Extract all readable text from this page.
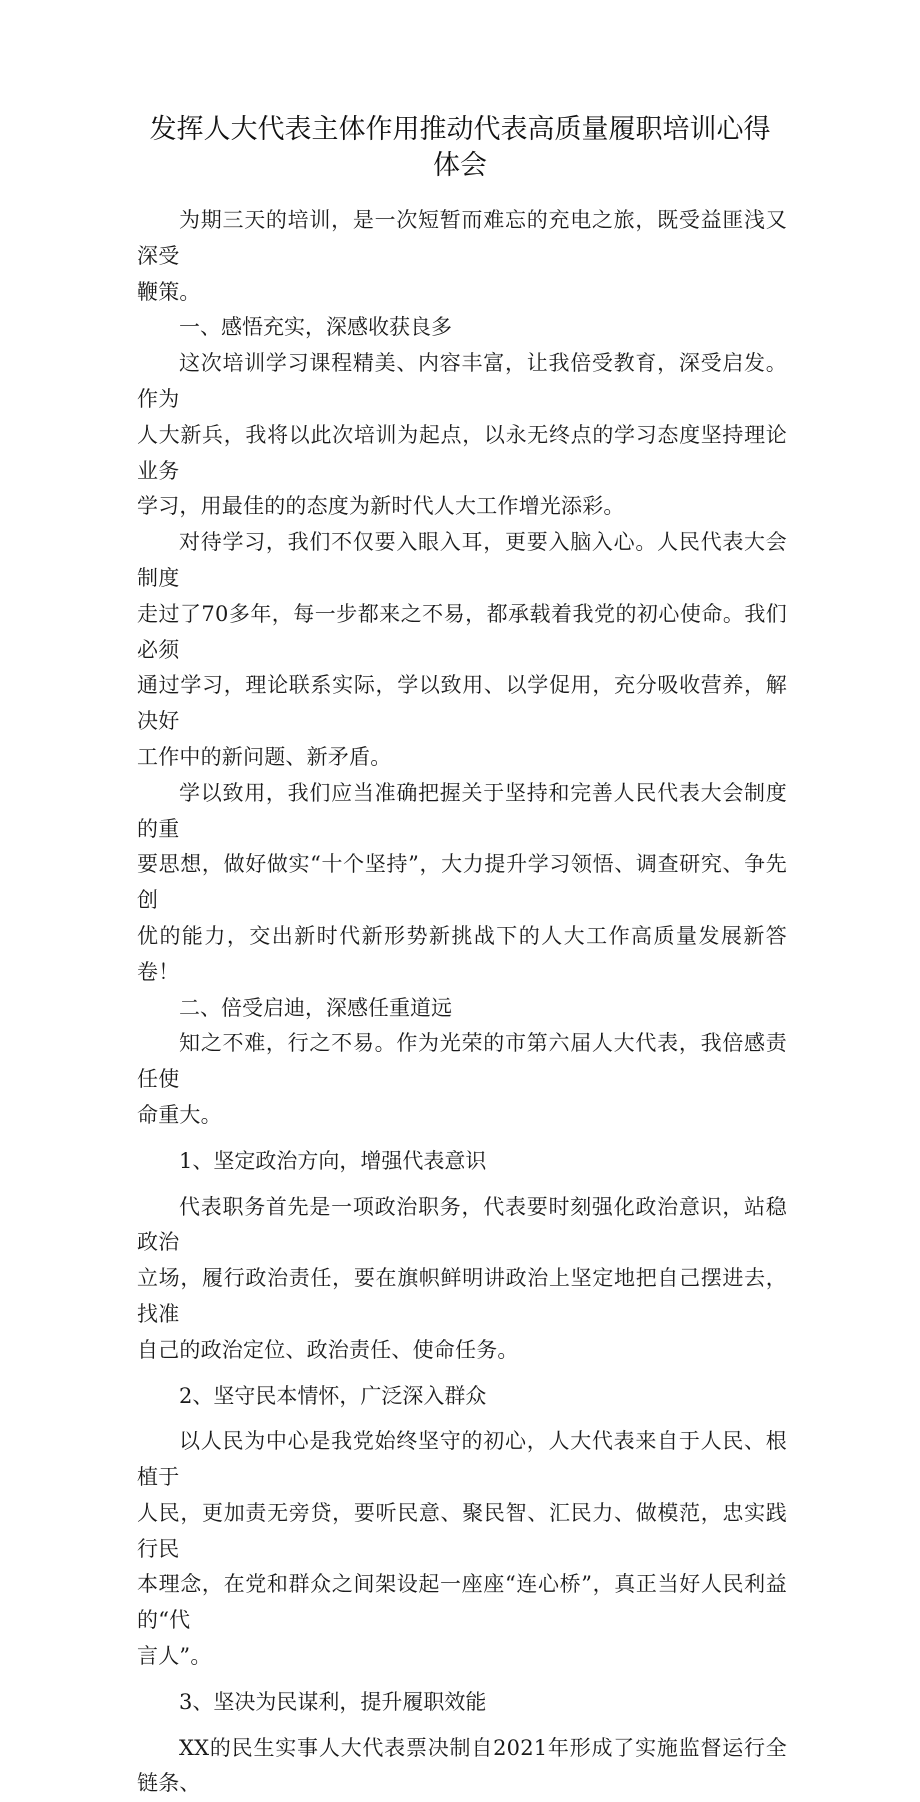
发挥人大代表主体作用推动代表高质量履职培训心得
体会

为期三天的培训，是一次短暂而难忘的充电之旅，既受益匪浅又深受
鞭策。

一、感悟充实，深感收获良多

这次培训学习课程精美、内容丰富，让我倍受教育，深受启发。作为
人大新兵，我将以此次培训为起点，以永无终点的学习态度坚持理论业务
学习，用最佳的的态度为新时代人大工作增光添彩。

对待学习，我们不仅要入眼入耳，更要入脑入心。人民代表大会制度
走过了70多年，每一步都来之不易，都承载着我党的初心使命。我们必须
通过学习，理论联系实际，学以致用、以学促用，充分吸收营养，解决好
工作中的新问题、新矛盾。

学以致用，我们应当准确把握关于坚持和完善人民代表大会制度的重
要思想，做好做实“十个坚持”，大力提升学习领悟、调查研究、争先创
优的能力，交出新时代新形势新挑战下的人大工作高质量发展新答卷！

二、倍受启迪，深感任重道远

知之不难，行之不易。作为光荣的市第六届人大代表，我倍感责任使
命重大。

1、坚定政治方向，增强代表意识

代表职务首先是一项政治职务，代表要时刻强化政治意识，站稳政治
立场，履行政治责任，要在旗帜鲜明讲政治上坚定地把自己摆进去，找准
自己的政治定位、政治责任、使命任务。

2、坚守民本情怀，广泛深入群众

以人民为中心是我党始终坚守的初心，人大代表来自于人民、根植于
人民，更加责无旁贷，要听民意、聚民智、汇民力、做模范，忠实践行民
本理念，在党和群众之间架设起一座座“连心桥”，真正当好人民利益的“代
言人”。

3、坚决为民谋利，提升履职效能

XX的民生实事人大代表票决制自2021年形成了实施监督运行全链条、
